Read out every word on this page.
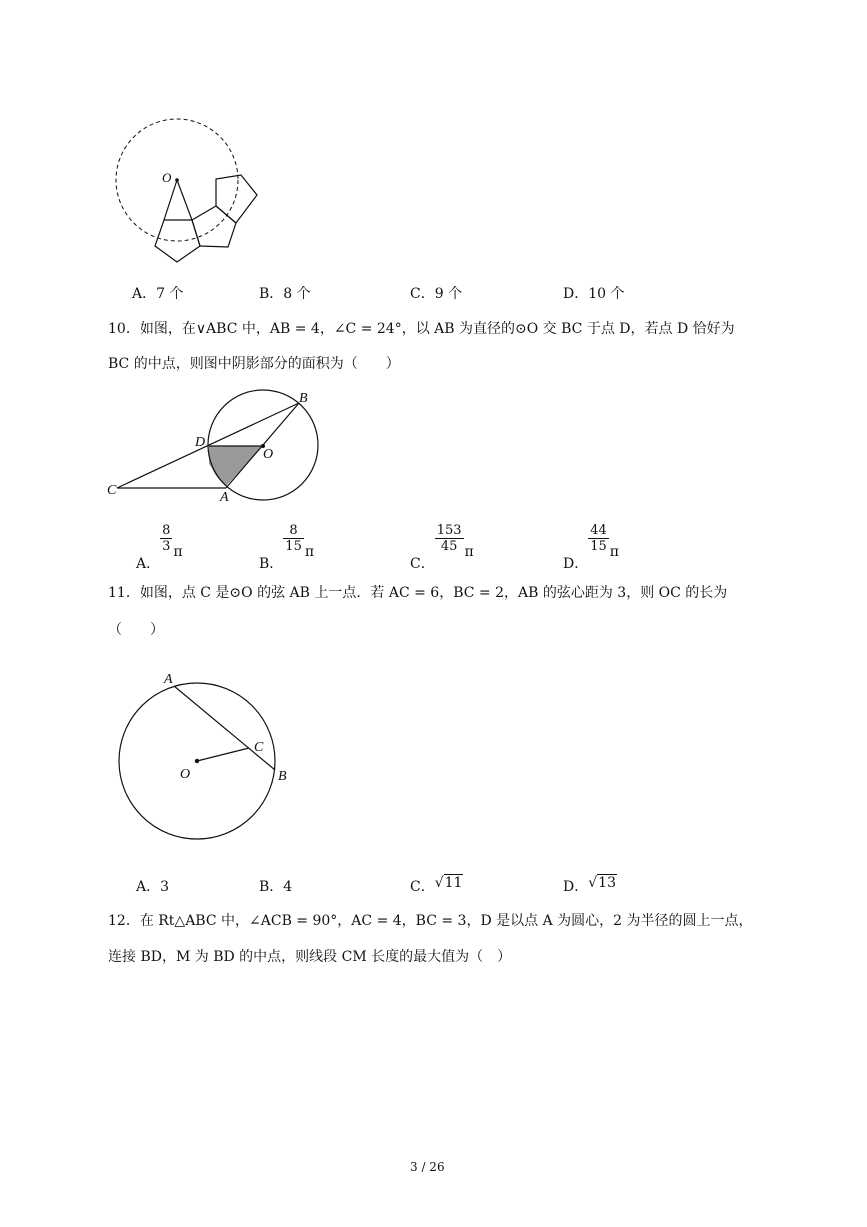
O
A．7 个	B．8 个	C．9 个	D．10 个
10．如图，在∨ABC 中，AB = 4，∠C = 24°，以 AB 为直径的⊙O 交 BC 于点 D，若点 D 恰好为
BC 的中点，则图中阴影部分的面积为（　　）
B
D
O
C	A
A．
$\frac{8}{3}$ π
B．
$\frac{8}{15}$ π
C．
$\frac{153}{45}$ π
D．
$\frac{44}{15}$ π
11．如图，点 C 是⊙O 的弦 AB 上一点．若 AC = 6，BC = 2，AB 的弦心距为 3，则 OC 的长为
（　　）
A
C
O	B
A．3	B．4	C．√11	D．√13
12．在 Rt△ABC 中，∠ACB = 90°，AC = 4，BC = 3，D 是以点 A 为圆心，2 为半径的圆上一点，
连接 BD，M 为 BD 的中点，则线段 CM 长度的最大值为（　）
3 / 26
